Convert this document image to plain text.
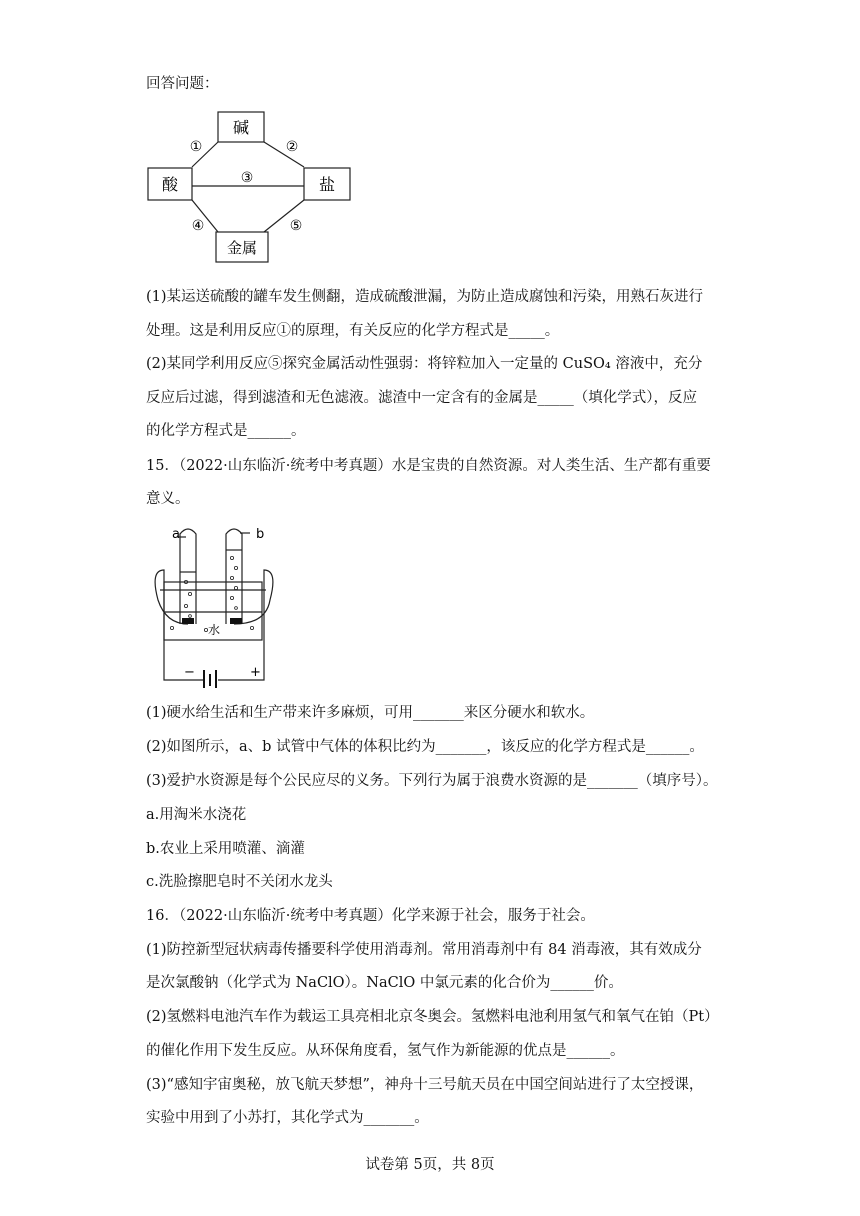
回答问题：
碱
酸	盐
金属
①	②
③
④	⑤
(1)某运送硫酸的罐车发生侧翻，造成硫酸泄漏，为防止造成腐蚀和污染，用熟石灰进行
处理。这是利用反应①的原理，有关反应的化学方程式是_____。
(2)某同学利用反应⑤探究金属活动性强弱：将锌粒加入一定量的 CuSO₄ 溶液中，充分
反应后过滤，得到滤渣和无色滤液。滤渣中一定含有的金属是_____（填化学式），反应
的化学方程式是______。
15．（2022·山东临沂·统考中考真题）水是宝贵的自然资源。对人类生活、生产都有重要
意义。
a	b
水
−	+
(1)硬水给生活和生产带来许多麻烦，可用_______来区分硬水和软水。
(2)如图所示，a、b 试管中气体的体积比约为_______，该反应的化学方程式是______。
(3)爱护水资源是每个公民应尽的义务。下列行为属于浪费水资源的是_______（填序号）。
a.用淘米水浇花
b.农业上采用喷灌、滴灌
c.洗脸擦肥皂时不关闭水龙头
16．（2022·山东临沂·统考中考真题）化学来源于社会，服务于社会。
(1)防控新型冠状病毒传播要科学使用消毒剂。常用消毒剂中有 84 消毒液，其有效成分
是次氯酸钠（化学式为 NaClO）。NaClO 中氯元素的化合价为______价。
(2)氢燃料电池汽车作为载运工具亮相北京冬奥会。氢燃料电池利用氢气和氧气在铂（Pt）
的催化作用下发生反应。从环保角度看，氢气作为新能源的优点是______。
(3)“感知宇宙奥秘，放飞航天梦想”，神舟十三号航天员在中国空间站进行了太空授课，
实验中用到了小苏打，其化学式为_______。
试卷第 5页，共 8页
